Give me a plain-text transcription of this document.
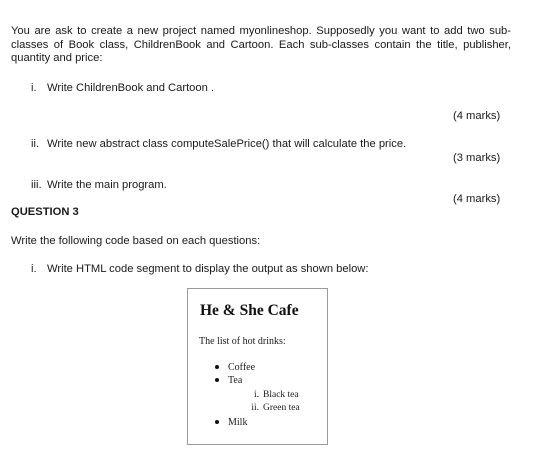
You are ask to create a new project named myonlineshop. Supposedly you want to add two sub-classes of Book class, ChildrenBook and Cartoon. Each sub-classes contain the title, publisher, quantity and price:
i. Write ChildrenBook and Cartoon .
(4 marks)
ii. Write new abstract class computeSalePrice() that will calculate the price.
(3 marks)
iii. Write the main program.
(4 marks)
QUESTION 3
Write the following code based on each questions:
i. Write HTML code segment to display the output as shown below:
He & She Cafe
The list of hot drinks:
Coffee
Tea
i. Black tea
ii. Green tea
Milk
